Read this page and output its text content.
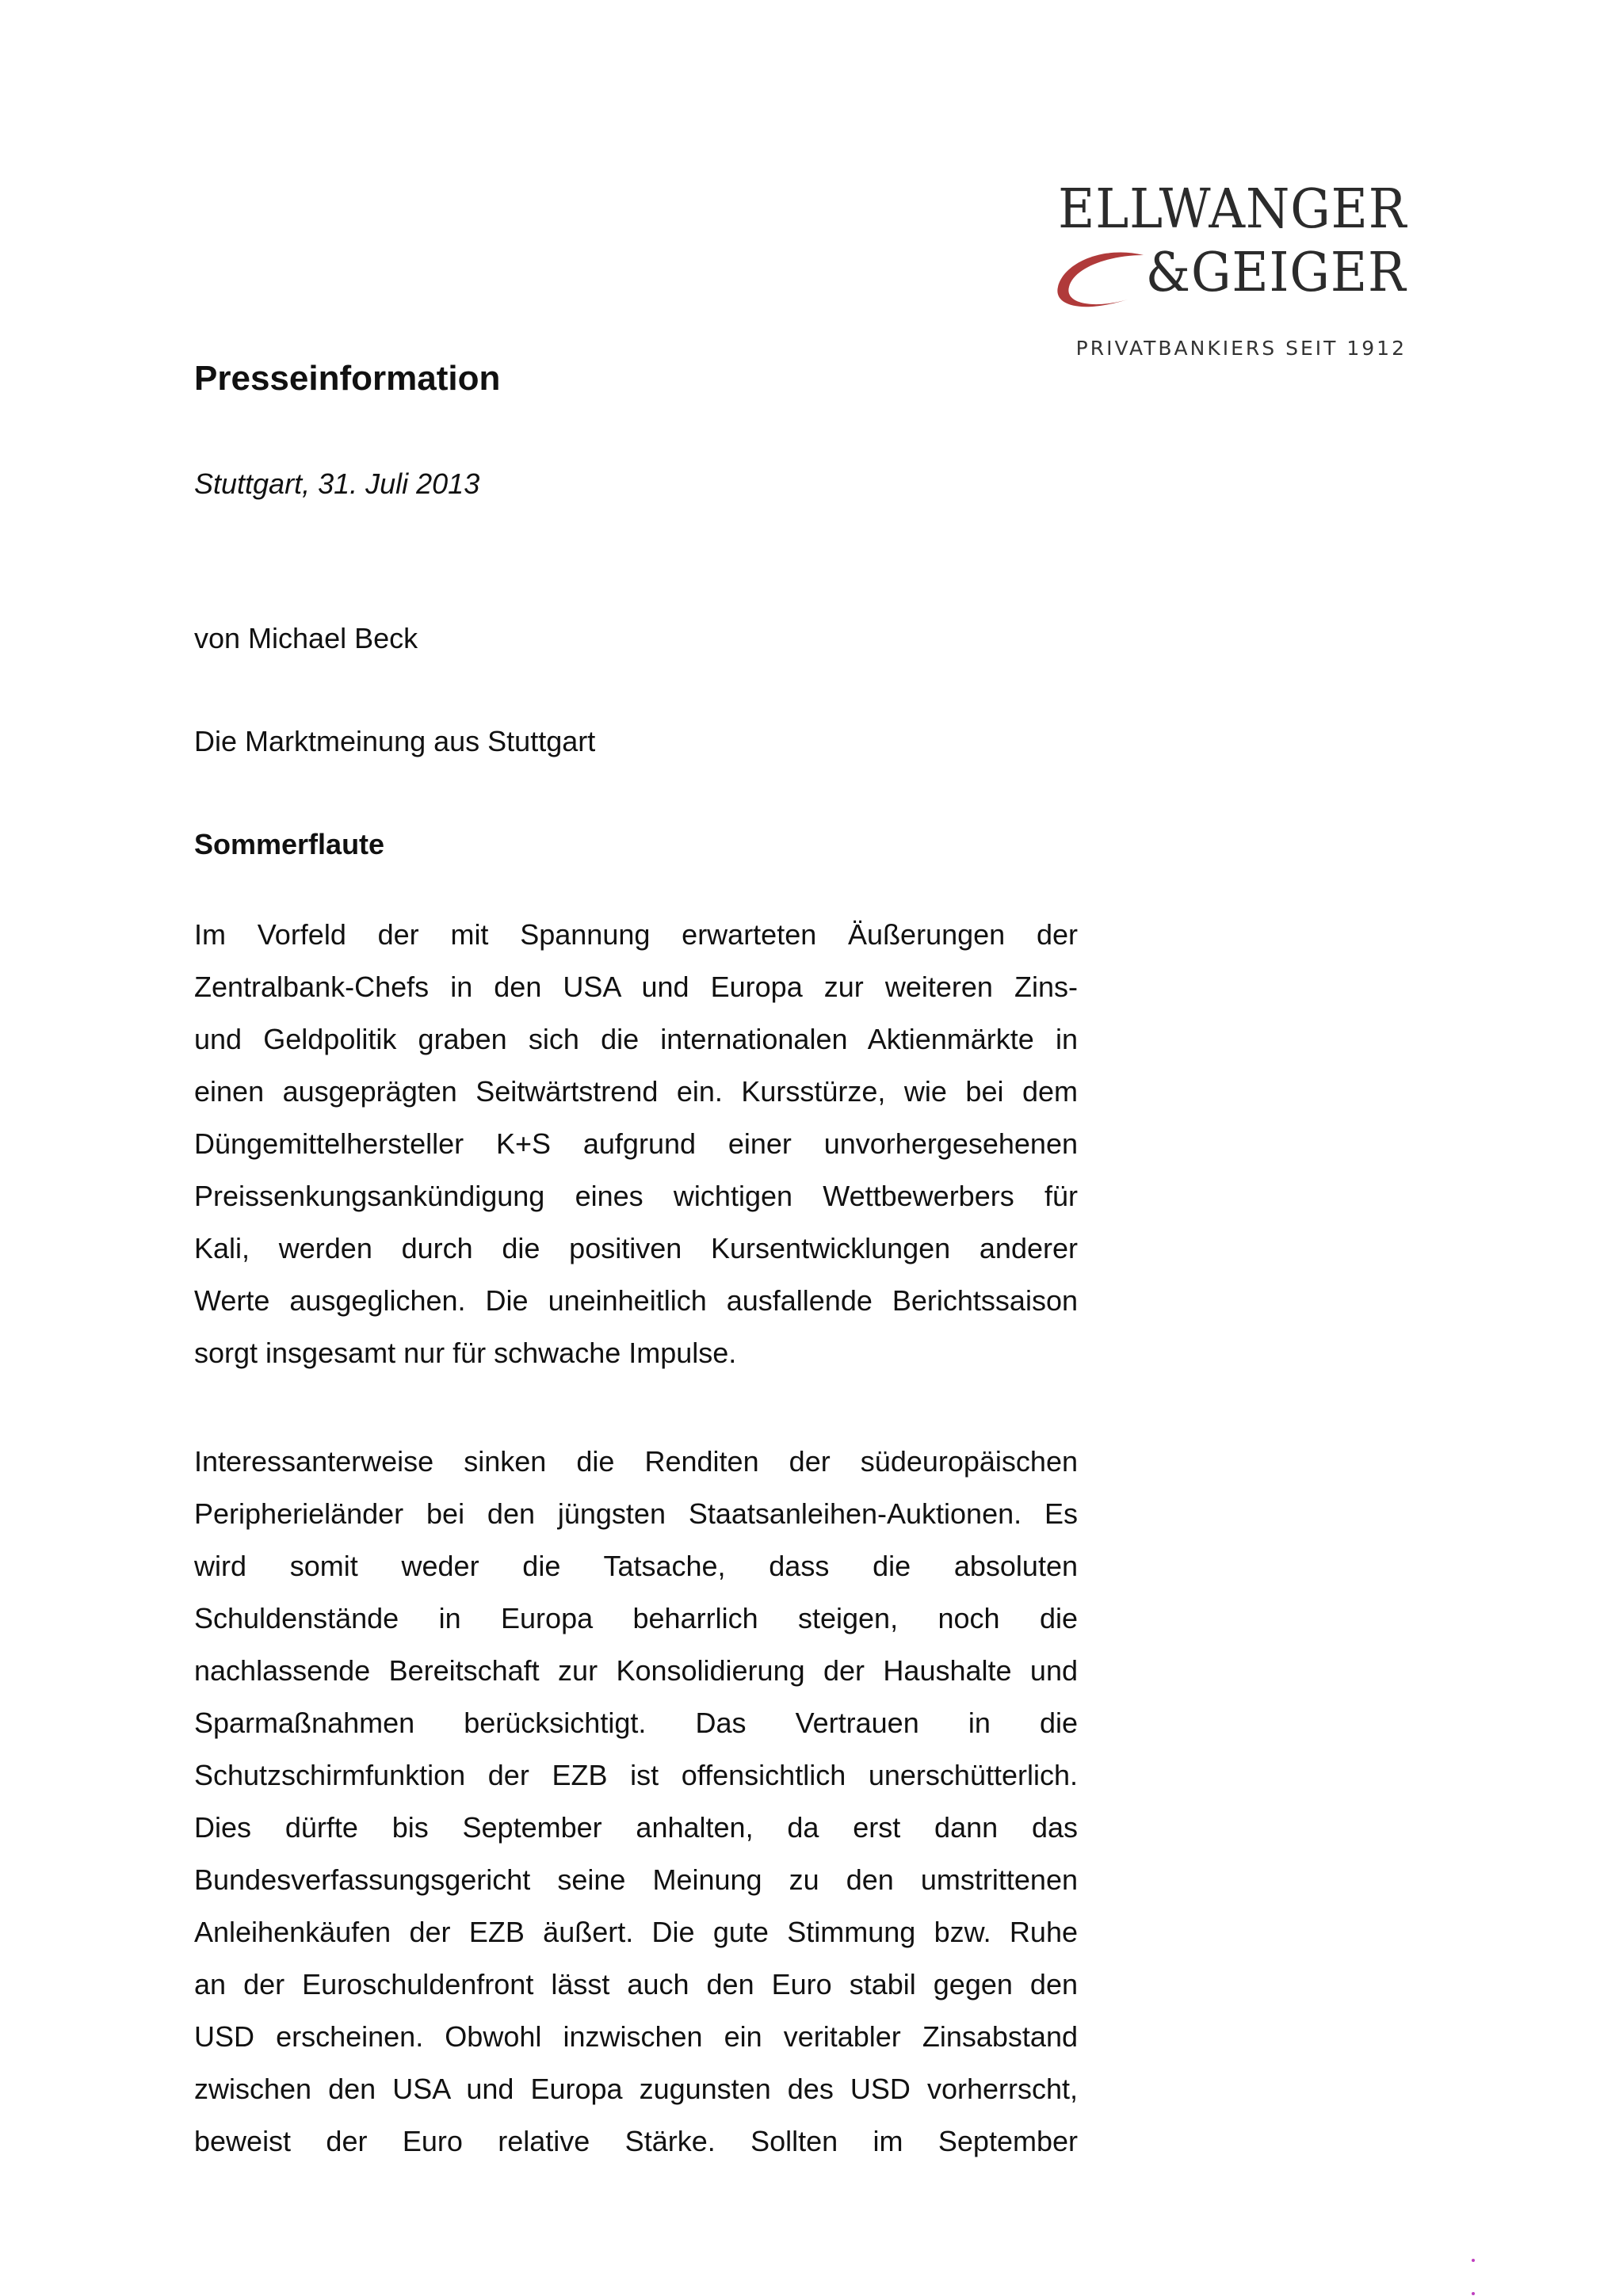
ELLWANGER
&GEIGER
PRIVATBANKIERS SEIT 1912
Presseinformation
Stuttgart, 31. Juli 2013
von Michael Beck
Die Marktmeinung aus Stuttgart
Sommerflaute
Im Vorfeld der mit Spannung erwarteten Äußerungen der
Zentralbank-Chefs in den USA und Europa zur weiteren Zins-
und Geldpolitik graben sich die internationalen Aktienmärkte in
einen ausgeprägten Seitwärtstrend ein. Kursstürze, wie bei dem
Düngemittelhersteller K+S aufgrund einer unvorhergesehenen
Preissenkungsankündigung eines wichtigen Wettbewerbers für
Kali, werden durch die positiven Kursentwicklungen anderer
Werte ausgeglichen. Die uneinheitlich ausfallende Berichtssaison
sorgt insgesamt nur für schwache Impulse.
Interessanterweise sinken die Renditen der südeuropäischen
Peripherieländer bei den jüngsten Staatsanleihen-Auktionen. Es
wird somit weder die Tatsache, dass die absoluten
Schuldenstände in Europa beharrlich steigen, noch die
nachlassende Bereitschaft zur Konsolidierung der Haushalte und
Sparmaßnahmen berücksichtigt. Das Vertrauen in die
Schutzschirmfunktion der EZB ist offensichtlich unerschütterlich.
Dies dürfte bis September anhalten, da erst dann das
Bundesverfassungsgericht seine Meinung zu den umstrittenen
Anleihenkäufen der EZB äußert. Die gute Stimmung bzw. Ruhe
an der Euroschuldenfront lässt auch den Euro stabil gegen den
USD erscheinen. Obwohl inzwischen ein veritabler Zinsabstand
zwischen den USA und Europa zugunsten des USD vorherrscht,
beweist der Euro relative Stärke. Sollten im September
